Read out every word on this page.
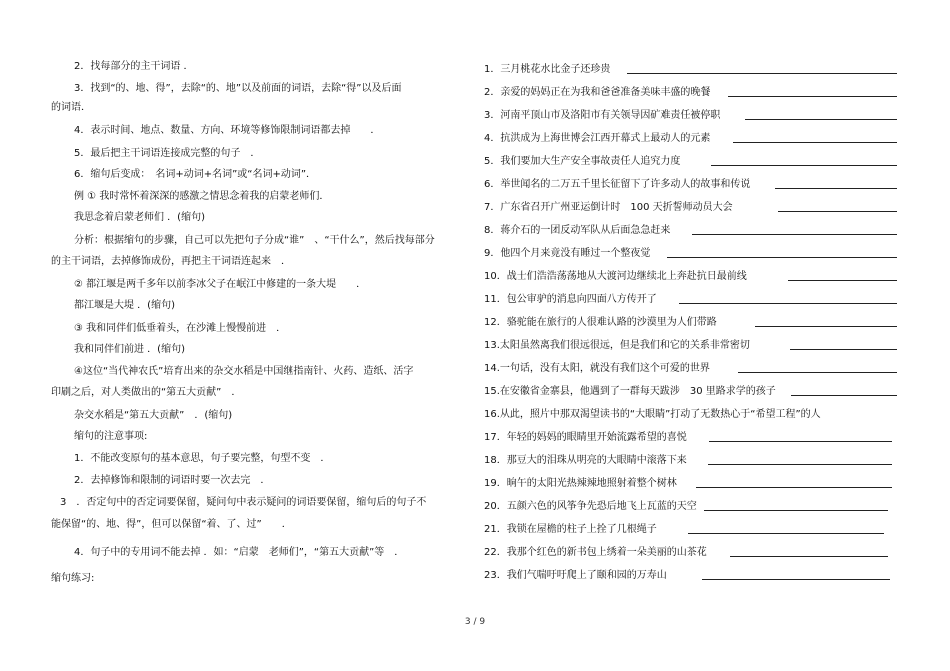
2．找每部分的主干词语 ．
3．找到“的、地、得”，去除“的、地”以及前面的词语，去除“得”以及后面
的词语．
4．表示时间、地点、数量、方向、环境等修饰限制词语都去掉　　．
5．最后把主干词语连接成完整的句子　．
6．缩句后变成：　名词+动词+名词”或“名词+动词”．
例 ① 我时常怀着深深的感激之情思念着我的启蒙老师们．
我思念着启蒙老师们 ．(缩句)
分析：根据缩句的步骤，自己可以先把句子分成“谁”　、“干什么”，然后找每部分
的主干词语，去掉修饰成份，再把主干词语连起来　．
② 都江堰是两千多年以前李冰父子在岷江中修建的一条大堤　　．
都江堰是大堤 ．(缩句)
③ 我和同伴们低垂着头，在沙滩上慢慢前进　．
我和同伴们前进 ．(缩句)
④这位“当代神农氏”培育出来的杂交水稻是中国继指南针、火药、造纸、活字
印刷之后，对人类做出的“第五大贡献”　．
杂交水稻是“第五大贡献”　．(缩句)
缩句的注意事项:
1．不能改变原句的基本意思，句子要完整，句型不变　．
2．去掉修饰和限制的词语时要一次去完　．
3　．否定句中的否定词要保留，疑问句中表示疑问的词语要保留，缩句后的句子不
能保留“的、地、得”，但可以保留“着、了、过”　　．
4．句子中的专用词不能去掉 ．如：“启蒙　老师们”，“第五大贡献”等　．
缩句练习:
1．三月桃花水比金子还珍贵
2．亲爱的妈妈正在为我和爸爸准备美味丰盛的晚餐
3．河南平顶山市及洛阳市有关领导因矿难责任被停职
4．抗洪成为上海世博会江西开幕式上最动人的元素
5．我们要加大生产安全事故责任人追究力度
6．举世闻名的二万五千里长征留下了许多动人的故事和传说
7．广东省召开广州亚运倒计时　100 天折誓师动员大会
8．蒋介石的一团反动军队从后面急急赶来
9．他四个月来竟没有睡过一个整夜觉
10．战士们浩浩荡荡地从大渡河边继续北上奔赴抗日最前线
11．包公审驴的消息向四面八方传开了
12．骆驼能在旅行的人很难认路的沙漠里为人们带路
13.太阳虽然离我们很远很远，但是我们和它的关系非常密切
14.一句话，没有太阳，就没有我们这个可爱的世界
15.在安徽省金寨县，他遇到了一群每天跋涉　30 里路求学的孩子
16.从此，照片中那双渴望读书的“大眼睛”打动了无数热心于“希望工程”的人
17．年轻的妈妈的眼睛里开始流露希望的喜悦
18．那豆大的泪珠从明亮的大眼睛中滚落下来
19．晌午的太阳光热辣辣地照射着整个树林
20．五颜六色的风筝争先恐后地飞上瓦蓝的天空
21．我锁在屋檐的柱子上拴了几根绳子
22．我那个红色的新书包上绣着一朵美丽的山茶花
23．我们气喘吁吁爬上了颐和园的万寿山
3 / 9
